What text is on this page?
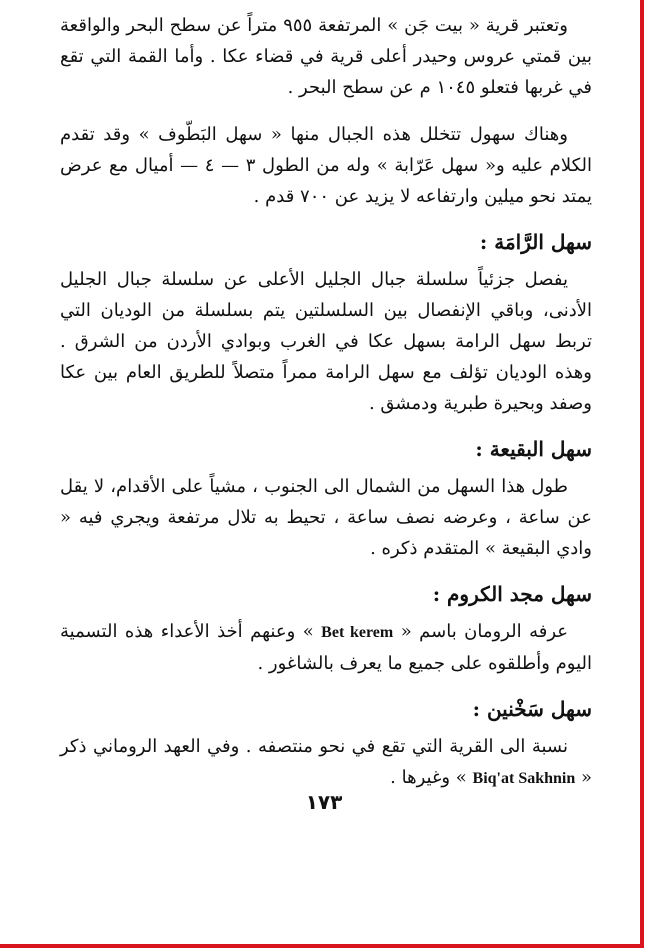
وتعتبر قرية « بيت جَن » المرتفعة ٩٥٥ متراً عن سطح البحر والواقعة بين قمتي عروس وحيدر أعلى قرية في قضاء عكا . وأما القمة التي تقع في غربها فتعلو ١٠٤٥ م عن سطح البحر .

وهناك سهول تتخلل هذه الجبال منها « سهل البَطّوف » وقد تقدم الكلام عليه و« سهل عَرّابة » وله من الطول ٣ — ٤ — أميال مع عرض يمتد نحو ميلين وارتفاعه لا يزيد عن ٧٠٠ قدم .

سهل الرَّامَة :

يفصل جزئياً سلسلة جبال الجليل الأعلى عن سلسلة جبال الجليل الأدنى، وباقي الإنفصال بين السلسلتين يتم بسلسلة من الوديان التي تربط سهل الرامة بسهل عكا في الغرب وبوادي الأردن من الشرق . وهذه الوديان تؤلف مع سهل الرامة ممراً متصلاً للطريق العام بين عكا وصفد وبحيرة طبرية ودمشق .

سهل البقيعة :

طول هذا السهل من الشمال الى الجنوب ، مشياً على الأقدام، لا يقل عن ساعة ، وعرضه نصف ساعة ، تحيط به تلال مرتفعة ويجري فيه « وادي البقيعة » المتقدم ذكره .

سهل مجد الكروم :

عرفه الرومان باسم « Bet kerem » وعنهم أخذ الأعداء هذه التسمية اليوم وأطلقوه على جميع ما يعرف بالشاغور .

سهل سَخْنين :

نسبة الى القرية التي تقع في نحو منتصفه . وفي العهد الروماني ذكر « Biq'at Sakhnin » وغيرها .

١٧٣
